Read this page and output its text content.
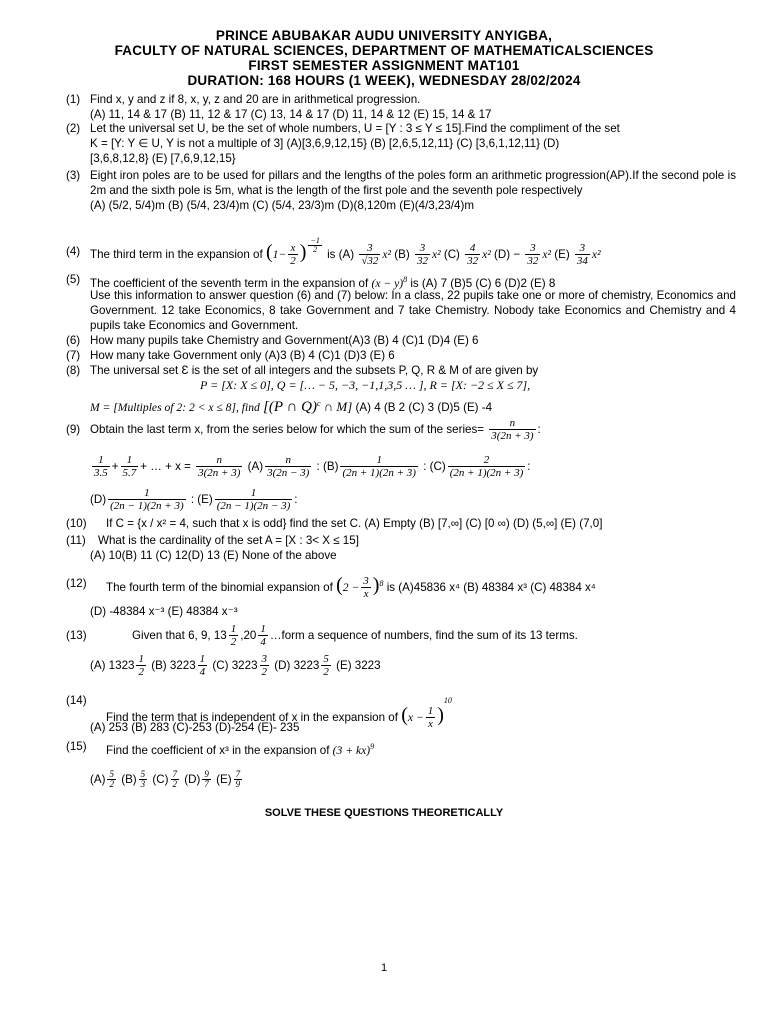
PRINCE ABUBAKAR AUDU UNIVERSITY ANYIGBA,
FACULTY OF NATURAL SCIENCES, DEPARTMENT OF MATHEMATICALSCIENCES
FIRST SEMESTER ASSIGNMENT MAT101
DURATION: 168 HOURS (1 WEEK), WEDNESDAY 28/02/2024
(1) Find x, y and z if 8, x, y, z and 20 are in arithmetical progression.
(A) 11, 14 & 17 (B) 11, 12 & 17 (C) 13, 14 & 17 (D) 11, 14 & 12 (E) 15, 14 & 17
(2) Let the universal set U, be the set of whole numbers, U = [Y : 3 ≤ Y ≤ 15].Find the compliment of the set
K = [Y: Y ∈ U, Y is not a multiple of 3] (A)[3,6,9,12,15} (B) [2,6,5,12,11} (C) [3,6,1,12,11} (D)
[3,6,8,12,8} (E) [7,6,9,12,15}
(3) Eight iron poles are to be used for pillars and the lengths of the poles form an arithmetic progression(AP).If the second pole is 2m and the sixth pole is 5m, what is the length of the first pole and the seventh pole respectively
(A) (5/2, 5/4)m (B) (5/4, 23/4)m (C) (5/4, 23/3)m (D)(8,120m (E)(4/3,23/4)m
(4) The third term in the expansion of ($1- \frac{x}{2}$ ) $\frac{-1}{2}$
is $(A) \frac{3}{√32} x^2$ $(B) \frac{3}{32} x^2$ $(C) \frac{4}{32} x^2$ $(D) - \frac{3}{32} x^2$ $(E) \frac{3}{34} x^2$
(5) The coefficient of the seventh term in the expansion of $(x - y)^8$ is (A) 7 (B)5 (C) 6 (D)2 (E) 8
Use this information to answer question (6) and (7) below: In a class, 22 pupils take one or more of chemistry, Economics and Government. 12 take Economics, 8 take Government and 7 take Chemistry. Nobody take Economics and Chemistry and 4 pupils take Economics and Government.
(6) How many pupils take Chemistry and Government(A)3 (B) 4 (C)1 (D)4 (E) 6
(7) How many take Government only (A)3 (B) 4 (C)1 (D)3 (E) 6
(8) The universal set Ɛ is the set of all integers and the subsets P, Q, R & M of are given by
P = [X: X ≤ 0], Q = [… − 5, −3, −1,1,3,5 … ], R = [X: −2 ≤ X ≤ 7],
M = [Multiples of 2: 2 < x ≤ 8], find [(P ∩ Q)$^c$ ∩ M] (A) 4 (B 2 (C) 3 (D)5 (E) -4
(9) Obtain the last term x, from the series below for which the sum of the series= $\frac{n}{3(2n + 3)}$ :
$\frac{1}{3.5} + \frac{1}{5.7}$ + … + $x = \frac{n}{3(2n + 3)} (A) \frac{n}{3(2n - 3)}$ : $(B) \frac{1}{(2n + 1)(2n + 3)}$ : $(C) \frac{2}{(2n + 1)(2n + 3)}$ :
$(D) \frac{1}{(2n - 1)(2n + 3)}$ : $(E) \frac{1}{(2n - 1)(2n - 3)}$ :
(10) If C = {x / x² = 4, such that x is odd} find the set C. (A) Empty (B) [7,∞] (C) [0 ∞) (D) (5,∞] (E) (7,0]
(11) What is the cardinality of the set A = [X : 3< X ≤ 15]
(A) 10(B) 11 (C) 12(D) 13 (E) None of the above
(12) The fourth term of the binomial expansion of $(2 - \frac{3}{x} )^8$ is (A)45836 x⁴ (B) 48384 x³ (C) 48384 x⁴
(D) -48384 x⁻³ (E) 48384 x⁻³
(13)	Given that 6, 9, $13 \frac{1}{2} ,20 \frac{1}{4}$ …form a sequence of numbers, find the sum of its 13 terms.
(A) $1323 \frac{1}{2} (B)$ $3223 \frac{1}{4} (C)$ $3223 \frac{3}{2} (D)$ $3223 \frac{5}{2} (E)$ 3223
(14)
Find the term that is independent of x in the expansion of $(x - \frac{1}{x} )^{10}$
(A) 253 (B) 283 (C)-253 (D)-254 (E)- 235
(15) Find the coefficient of x³ in the expansion of (3 + kx)$^9$
$(A) \frac{5}{2} (B) \frac{5}{3} (C) \frac{7}{2} (D) \frac{9}{7} (E) \frac{7}{9}$
SOLVE THESE QUESTIONS THEORETICALLY
1
